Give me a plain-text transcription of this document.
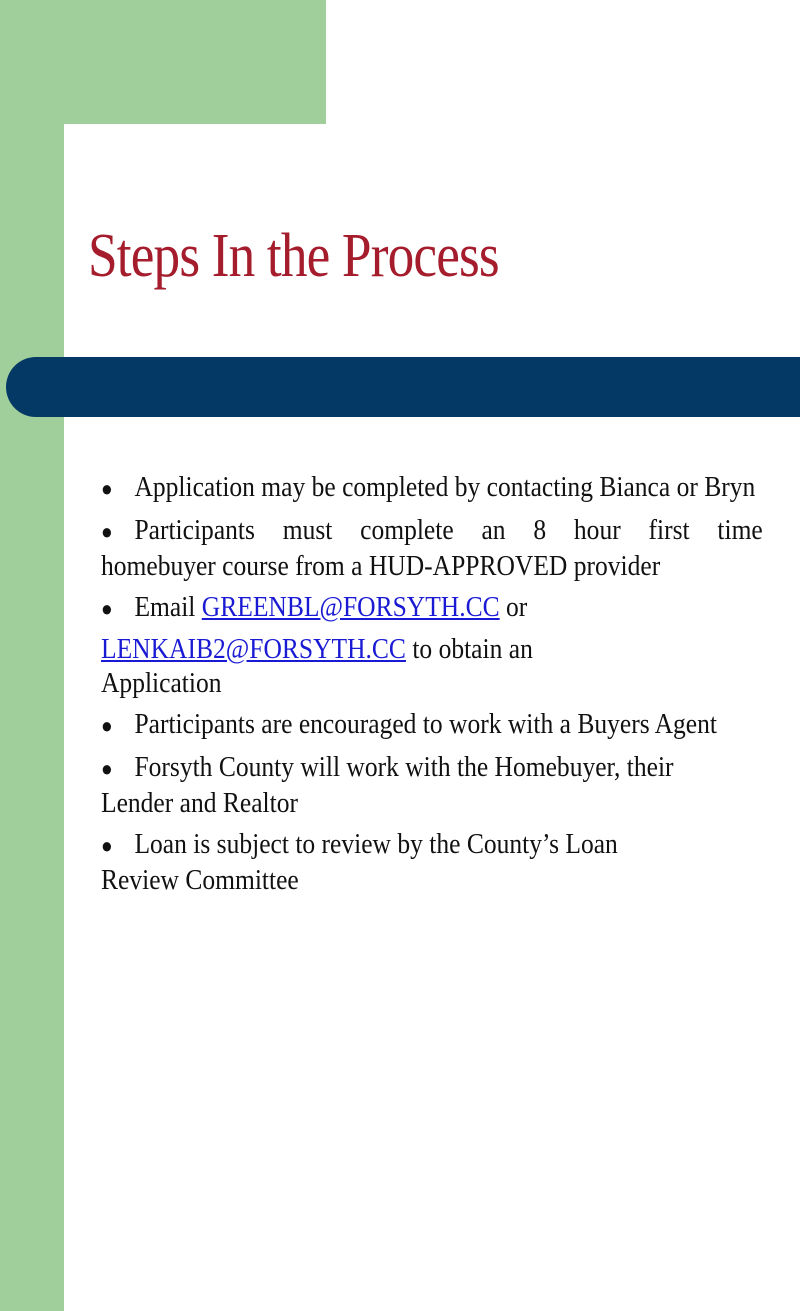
Steps In the Process
● Application may be completed by contacting Bianca or Bryn
● Participants must complete an 8 hour first time
homebuyer course from a HUD-APPROVED provider
● Email GREENBL@FORSYTH.CC or
LENKAIB2@FORSYTH.CC to obtain an
Application
● Participants are encouraged to work with a Buyers Agent
● Forsyth County will work with the Homebuyer, their
Lender and Realtor
● Loan is subject to review by the County’s Loan
Review Committee
